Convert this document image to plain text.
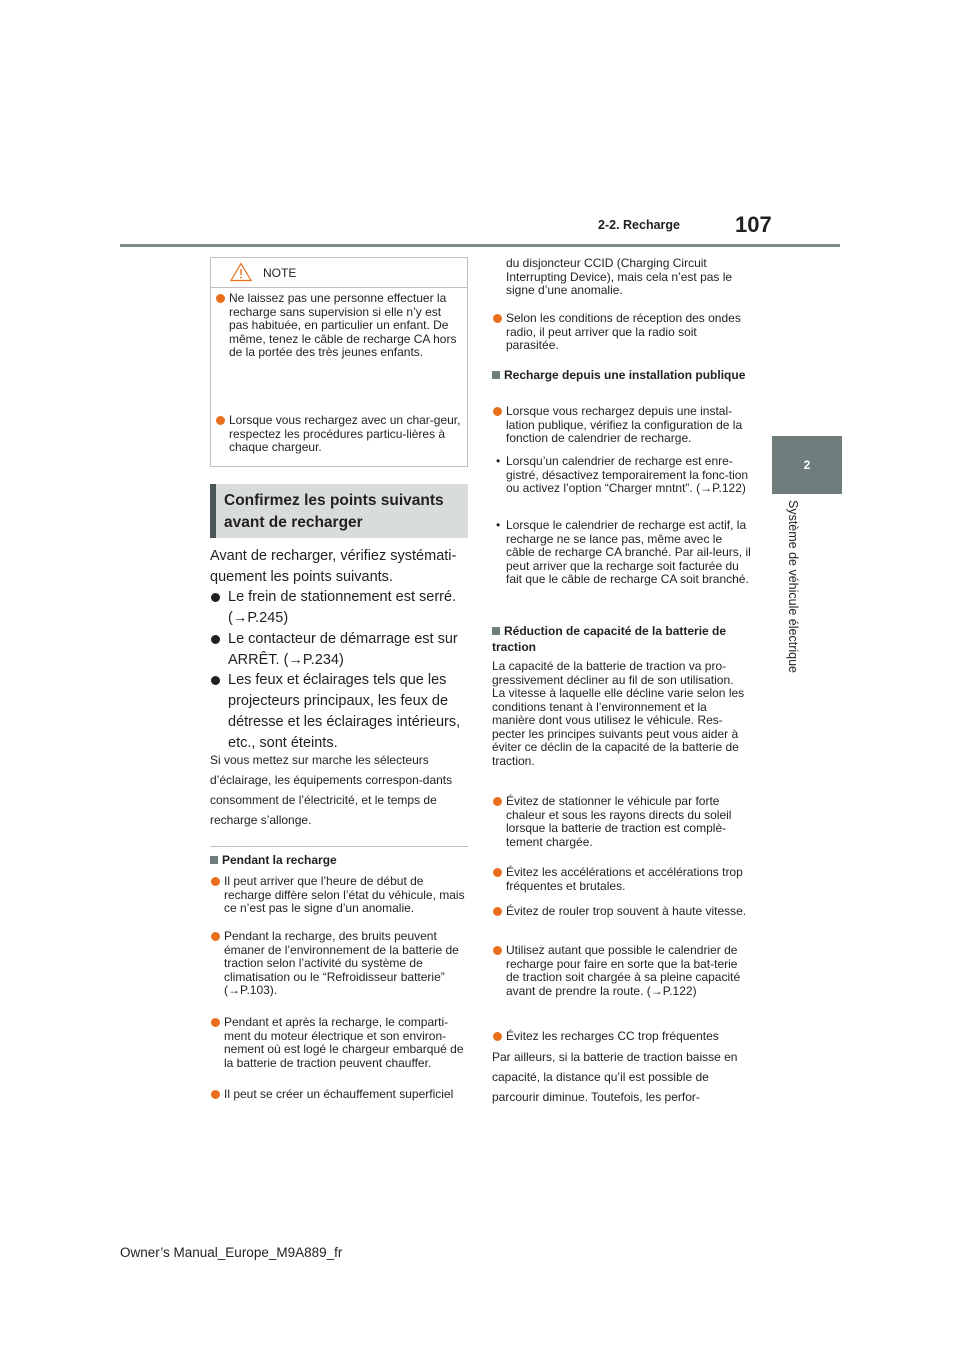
2-2. Recharge	107
2
Système de véhicule électrique
NOTE
Ne laissez pas une personne effectuer la recharge sans supervision si elle n’y est pas habituée, en particulier un enfant. De même, tenez le câble de recharge CA hors de la portée des très jeunes enfants.
Lorsque vous rechargez avec un char-geur, respectez les procédures particu-lières à chaque chargeur.
Confirmez les points suivants avant de recharger
Avant de recharger, vérifiez systémati-quement les points suivants.
Le frein de stationnement est serré. (→P.245)
Le contacteur de démarrage est sur ARRÊT. (→P.234)
Les feux et éclairages tels que les projecteurs principaux, les feux de détresse et les éclairages intérieurs, etc., sont éteints.
Si vous mettez sur marche les sélecteurs d’éclairage, les équipements correspon-dants consomment de l’électricité, et le temps de recharge s’allonge.
Pendant la recharge
Il peut arriver que l’heure de début de recharge diffère selon l’état du véhicule, mais ce n’est pas le signe d’un anomalie.
Pendant la recharge, des bruits peuvent émaner de l’environnement de la batterie de traction selon l’activité du système de climatisation ou le “Refroidisseur batterie” (→P.103).
Pendant et après la recharge, le comparti-ment du moteur électrique et son environ-nement où est logé le chargeur embarqué de la batterie de traction peuvent chauffer.
Il peut se créer un échauffement superficiel
du disjoncteur CCID (Charging Circuit Interrupting Device), mais cela n’est pas le signe d’une anomalie.
Selon les conditions de réception des ondes radio, il peut arriver que la radio soit parasitée.
Recharge depuis une installation publique
Lorsque vous rechargez depuis une instal-lation publique, vérifiez la configuration de la fonction de calendrier de recharge.
• Lorsqu’un calendrier de recharge est enre-gistré, désactivez temporairement la fonc-tion ou activez l’option “Charger mntnt”. (→P.122)
• Lorsque le calendrier de recharge est actif, la recharge ne se lance pas, même avec le câble de recharge CA branché. Par ail-leurs, il peut arriver que la recharge soit facturée du fait que le câble de recharge CA soit branché.
Réduction de capacité de la batterie de traction
La capacité de la batterie de traction va pro-gressivement décliner au fil de son utilisation. La vitesse à laquelle elle décline varie selon les conditions tenant à l’environnement et la manière dont vous utilisez le véhicule. Res-pecter les principes suivants peut vous aider à éviter ce déclin de la capacité de la batterie de traction.
Évitez de stationner le véhicule par forte chaleur et sous les rayons directs du soleil lorsque la batterie de traction est complè-tement chargée.
Évitez les accélérations et accélérations trop fréquentes et brutales.
Évitez de rouler trop souvent à haute vitesse.
Utilisez autant que possible le calendrier de recharge pour faire en sorte que la bat-terie de traction soit chargée à sa pleine capacité avant de prendre la route. (→P.122)
Évitez les recharges CC trop fréquentes
Par ailleurs, si la batterie de traction baisse en capacité, la distance qu’il est possible de parcourir diminue. Toutefois, les perfor-
Owner’s Manual_Europe_M9A889_fr
